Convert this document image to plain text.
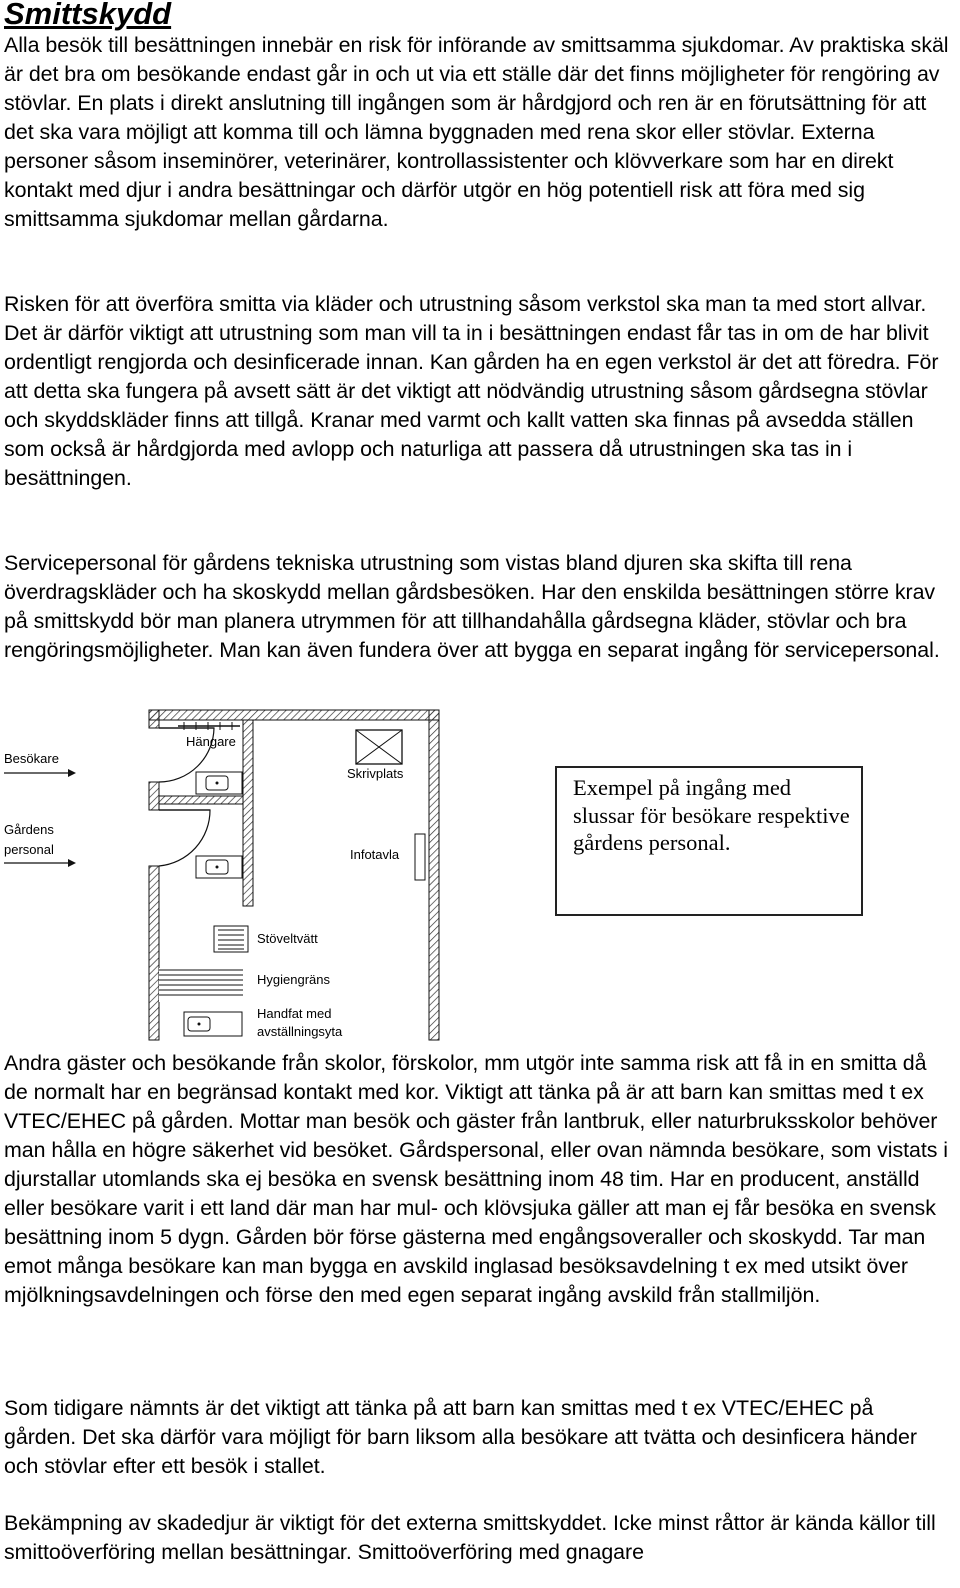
Smittskydd

Alla besök till besättningen innebär en risk för införande av smittsamma sjukdomar. Av praktiska skäl är det bra om besökande endast går in och ut via ett ställe där det finns möjligheter för rengöring av stövlar. En plats i direkt anslutning till ingången som är hårdgjord och ren är en förutsättning för att det ska vara möjligt att komma till och lämna byggnaden med rena skor eller stövlar. Externa personer såsom inseminörer, veterinärer, kontrollassistenter och klövverkare som har en direkt kontakt med djur i andra besättningar och därför utgör en hög potentiell risk att föra med sig smittsamma sjukdomar mellan gårdarna.

Risken för att överföra smitta via kläder och utrustning såsom verkstol ska man ta med stort allvar. Det är därför viktigt att utrustning som man vill ta in i besättningen endast får tas in om de har blivit ordentligt rengjorda och desinficerade innan. Kan gården ha en egen verkstol är det att föredra. För att detta ska fungera på avsett sätt är det viktigt att nödvändig utrustning såsom gårdsegna stövlar och skyddskläder finns att tillgå. Kranar med varmt och kallt vatten ska finnas på avsedda ställen som också är hårdgjorda med avlopp och naturliga att passera då utrustningen ska tas in i besättningen.

Servicepersonal för gårdens tekniska utrustning som vistas bland djuren ska skifta till rena överdragskläder och ha skoskydd mellan gårdsbesöken. Har den enskilda besättningen större krav på smittskydd bör man planera utrymmen för att tillhandahålla gårdsegna kläder, stövlar och bra rengöringsmöjligheter. Man kan även fundera över att bygga en separat ingång för servicepersonal.

Hängare
Skrivplats
Infotavla
Stöveltvätt
Hygiengräns
Handfat med
avställningsyta
Besökare
Gårdens
personal

Exempel på ingång med slussar för besökare respektive gårdens personal.

Andra gäster och besökande från skolor, förskolor, mm utgör inte samma risk att få in en smitta då de normalt har en begränsad kontakt med kor. Viktigt att tänka på är att barn kan smittas med t ex VTEC/EHEC på gården. Mottar man besök och gäster från lantbruk, eller naturbruksskolor behöver man hålla en högre säkerhet vid besöket. Gårdspersonal, eller ovan nämnda besökare, som vistats i djurstallar utomlands ska ej besöka en svensk besättning inom 48 tim. Har en producent, anställd eller besökare varit i ett land där man har mul- och klövsjuka gäller att man ej får besöka en svensk besättning inom 5 dygn. Gården bör förse gästerna med engångsoveraller och skoskydd. Tar man emot många besökare kan man bygga en avskild inglasad besöksavdelning t ex med utsikt över mjölkningsavdelningen och förse den med egen separat ingång avskild från stallmiljön.

Som tidigare nämnts är det viktigt att tänka på att barn kan smittas med t ex VTEC/EHEC på gården. Det ska därför vara möjligt för barn liksom alla besökare att tvätta och desinficera händer och stövlar efter ett besök i stallet.

Bekämpning av skadedjur är viktigt för det externa smittskyddet. Icke minst råttor är kända källor till smittoöverföring mellan besättningar. Smittoöverföring med gnagare
